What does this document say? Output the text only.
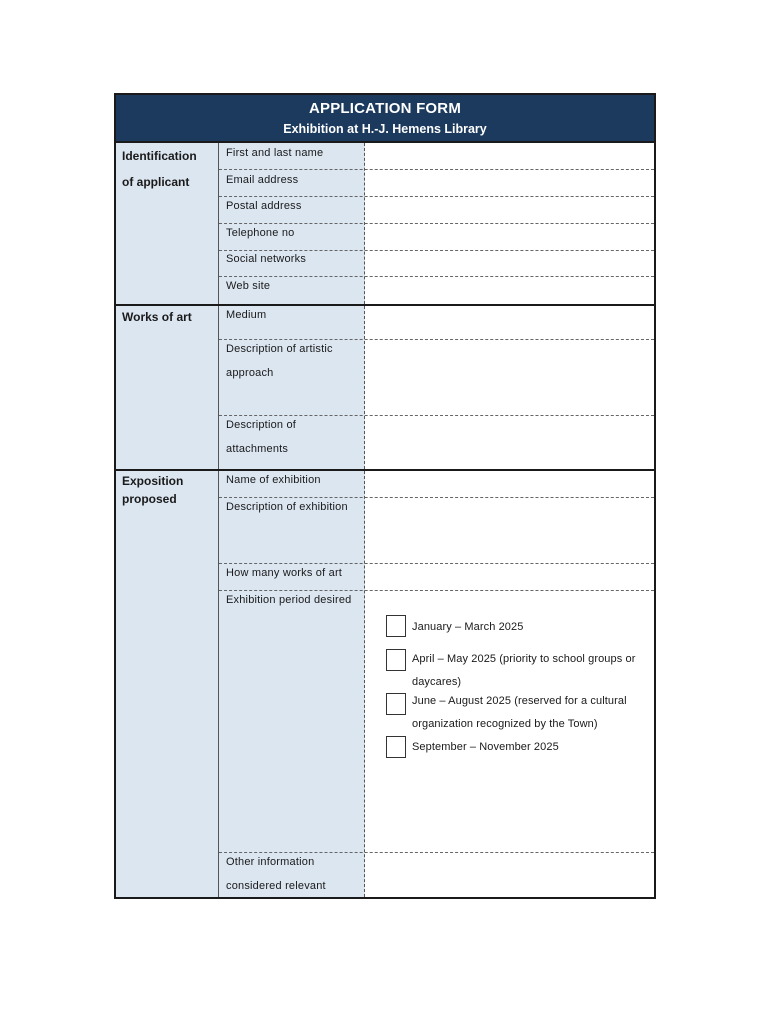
APPLICATION FORM
Exhibition at H.-J. Hemens Library
Identification
of applicant
First and last name
Email address
Postal address
Telephone no
Social networks
Web site
Works of art	Medium
Description of artistic
approach
Description of
attachments
Exposition
proposed
Name of exhibition
Description of exhibition
How many works of art
Exhibition period desired
Other information
considered relevant
January – March 2025
April – May 2025 (priority to school groups or daycares)
June – August 2025 (reserved for a cultural organization recognized by the Town)
September – November 2025
